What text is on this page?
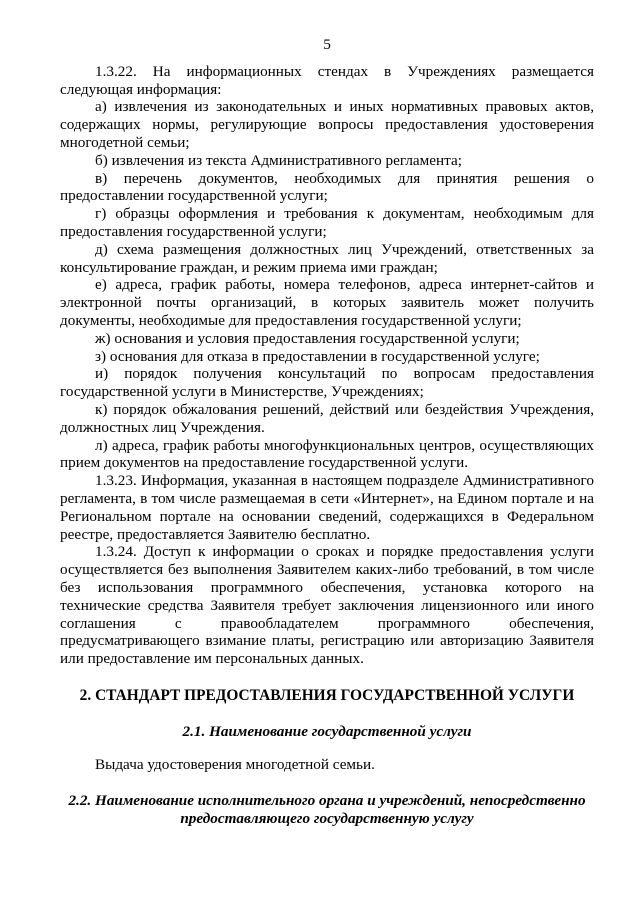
5

1.3.22. На информационных стендах в Учреждениях размещается следующая информация:

а) извлечения из законодательных и иных нормативных правовых актов, содержащих нормы, регулирующие вопросы предоставления удостоверения многодетной семьи;

б) извлечения из текста Административного регламента;

в) перечень документов, необходимых для принятия решения о предоставлении государственной услуги;

г) образцы оформления и требования к документам, необходимым для предоставления государственной услуги;

д) схема размещения должностных лиц Учреждений, ответственных за консультирование граждан, и режим приема ими граждан;

е) адреса, график работы, номера телефонов, адреса интернет-сайтов и электронной почты организаций, в которых заявитель может получить документы, необходимые для предоставления государственной услуги;

ж) основания и условия предоставления государственной услуги;

з) основания для отказа в предоставлении в государственной услуге;

и) порядок получения консультаций по вопросам предоставления государственной услуги в Министерстве, Учреждениях;

к) порядок обжалования решений, действий или бездействия Учреждения, должностных лиц Учреждения.

л) адреса, график работы многофункциональных центров, осуществляющих прием документов на предоставление государственной услуги.

1.3.23. Информация, указанная в настоящем подразделе Административного регламента, в том числе размещаемая в сети «Интернет», на Едином портале и на Региональном портале на основании сведений, содержащихся в Федеральном реестре, предоставляется Заявителю бесплатно.

1.3.24. Доступ к информации о сроках и порядке предоставления услуги осуществляется без выполнения Заявителем каких-либо требований, в том числе без использования программного обеспечения, установка которого на технические средства Заявителя требует заключения лицензионного или иного соглашения с правообладателем программного обеспечения, предусматривающего взимание платы, регистрацию или авторизацию Заявителя или предоставление им персональных данных.

2. СТАНДАРТ ПРЕДОСТАВЛЕНИЯ ГОСУДАРСТВЕННОЙ УСЛУГИ

2.1. Наименование государственной услуги

Выдача удостоверения многодетной семьи.

2.2. Наименование исполнительного органа и учреждений, непосредственно

предоставляющего государственную услугу
